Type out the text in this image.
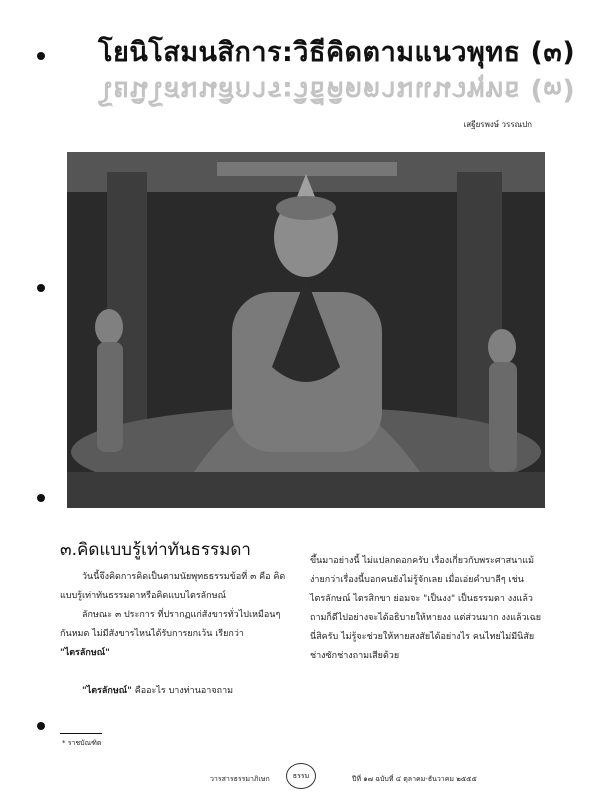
โยนิโสมนสิการ:วิธีคิดตามแนวพุทธ (๓)
โยนิโสมนสิการ:วิธีคิดตามแนวพุทธ (๓)
เสฐียรพงษ์ วรรณปก
๓.คิดแบบรู้เท่าทันธรรมดา

วันนี้จึงคิดการคิดเป็นตามนัยพุทธธรรมข้อที่ ๓ คือ คิดแบบรู้เท่าทันธรรมดาหรือคิดแบบไตรลักษณ์

ลักษณะ ๓ ประการ ที่ปรากฏแก่สังขารทั่วไปเหมือนๆ กันหมด ไม่มีสังขารไหนได้รับการยกเว้น เรียกว่า "ไตรลักษณ์"

"ไตรลักษณ์" คืออะไร บางท่านอาจถาม

ขึ้นมาอย่างนี้ ไม่แปลกดอกครับ เรื่องเกี่ยวกับพระศาสนาแม้ง่ายกว่าเรื่องนี้บอกคนยังไม่รู้จักเลย เมื่อเอ่ยคำบาลีๆ เช่น ไตรลักษณ์ ไตรสิกขา ย่อมจะ "เป็นงง" เป็นธรรมดา งงแล้วถามก็ดีไปอย่างจะได้อธิบายให้หายงง แต่ส่วนมาก งงแล้วเฉยนี่สิครับ ไม่รู้จะช่วยให้หายสงสัยได้อย่างไร คนไทยไม่มีนิสัยช่างซักช่างถามเสียด้วย

* ราชบัณฑิต
วารสารธรรมาภิเษก	ธรรม	ปีที่ ๑๗ ฉบับที่ ๔ ตุลาคม-ธันวาคม ๒๕๕๕
